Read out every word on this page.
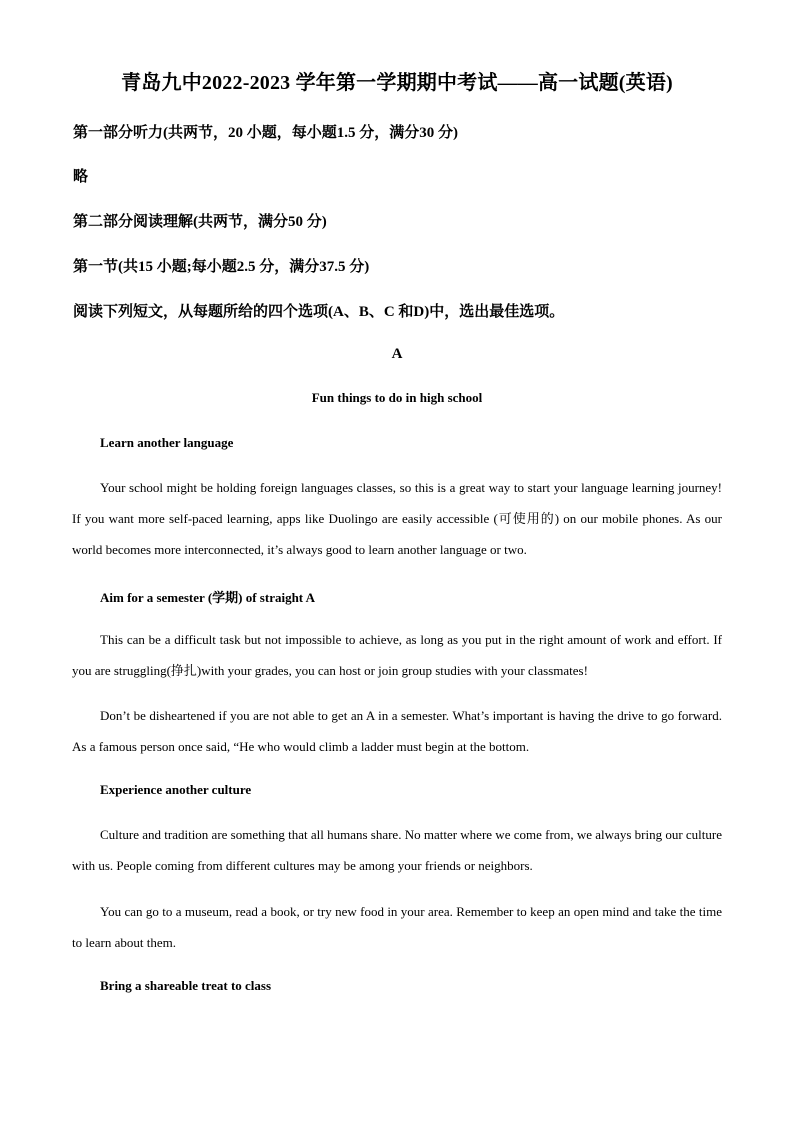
青岛九中2022-2023 学年第一学期期中考试——高一试题(英语)
第一部分听力(共两节，20 小题，每小题1.5 分，满分30 分)
略
第二部分阅读理解(共两节，满分50 分)
第一节(共15 小题;每小题2.5 分，满分37.5 分)
阅读下列短文，从每题所给的四个选项(A、B、C 和D)中，选出最佳选项。
A
Fun things to do in high school
Learn another language

Your school might be holding foreign languages classes, so this is a great way to start your language learning journey! If you want more self-paced learning, apps like Duolingo are easily accessible (可使用的) on our mobile phones. As our world becomes more interconnected, it’s always good to learn another language or two.

Aim for a semester (学期) of straight A

This can be a difficult task but not impossible to achieve, as long as you put in the right amount of work and effort. If you are struggling(挣扎)with your grades, you can host or join group studies with your classmates!

Don’t be disheartened if you are not able to get an A in a semester. What’s important is having the drive to go forward. As a famous person once said, “He who would climb a ladder must begin at the bottom.

Experience another culture

Culture and tradition are something that all humans share. No matter where we come from, we always bring our culture with us. People coming from different cultures may be among your friends or neighbors.

You can go to a museum, read a book, or try new food in your area. Remember to keep an open mind and take the time to learn about them.

Bring a shareable treat to class
